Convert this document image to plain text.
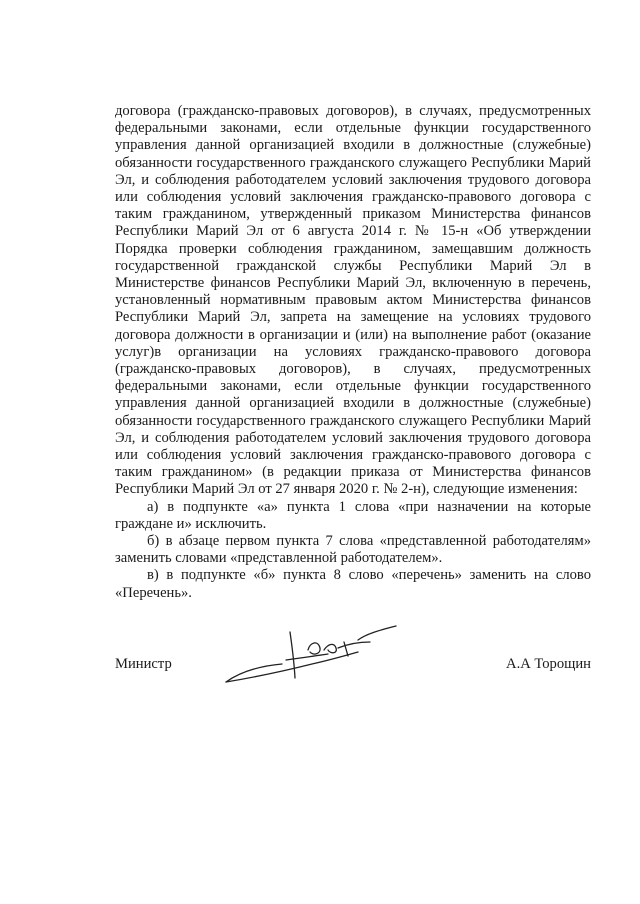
договора (гражданско-правовых договоров), в случаях, предусмотренных федеральными законами, если отдельные функции государственного управления данной организацией входили в должностные (служебные) обязанности государственного гражданского служащего Республики Марий Эл, и соблюдения работодателем условий заключения трудового договора или соблюдения условий заключения гражданско-правового договора с таким гражданином, утвержденный приказом Министерства финансов Республики Марий Эл от 6 августа 2014 г. № 15-н «Об утверждении Порядка проверки соблюдения гражданином, замещавшим должность государственной гражданской службы Республики Марий Эл в Министерстве финансов Республики Марий Эл, включенную в перечень, установленный нормативным правовым актом Министерства финансов Республики Марий Эл, запрета на замещение на условиях трудового договора должности в организации и (или) на выполнение работ (оказание услуг)в организации на условиях гражданско-правового договора (гражданско-правовых договоров), в случаях, предусмотренных федеральными законами, если отдельные функции государственного управления данной организацией входили в должностные (служебные) обязанности государственного гражданского служащего Республики Марий Эл, и соблюдения работодателем условий заключения трудового договора или соблюдения условий заключения гражданско-правового договора с таким гражданином» (в редакции приказа от Министерства финансов Республики Марий Эл от 27 января 2020 г. № 2-н), следующие изменения:

а) в подпункте «а» пункта 1 слова «при назначении на которые граждане и» исключить.

б) в абзаце первом пункта 7 слова «представленной работодателям» заменить словами «представленной работодателем».

в) в подпункте «б» пункта 8 слово «перечень» заменить на слово «Перечень».

Министр	А.А Торощин
